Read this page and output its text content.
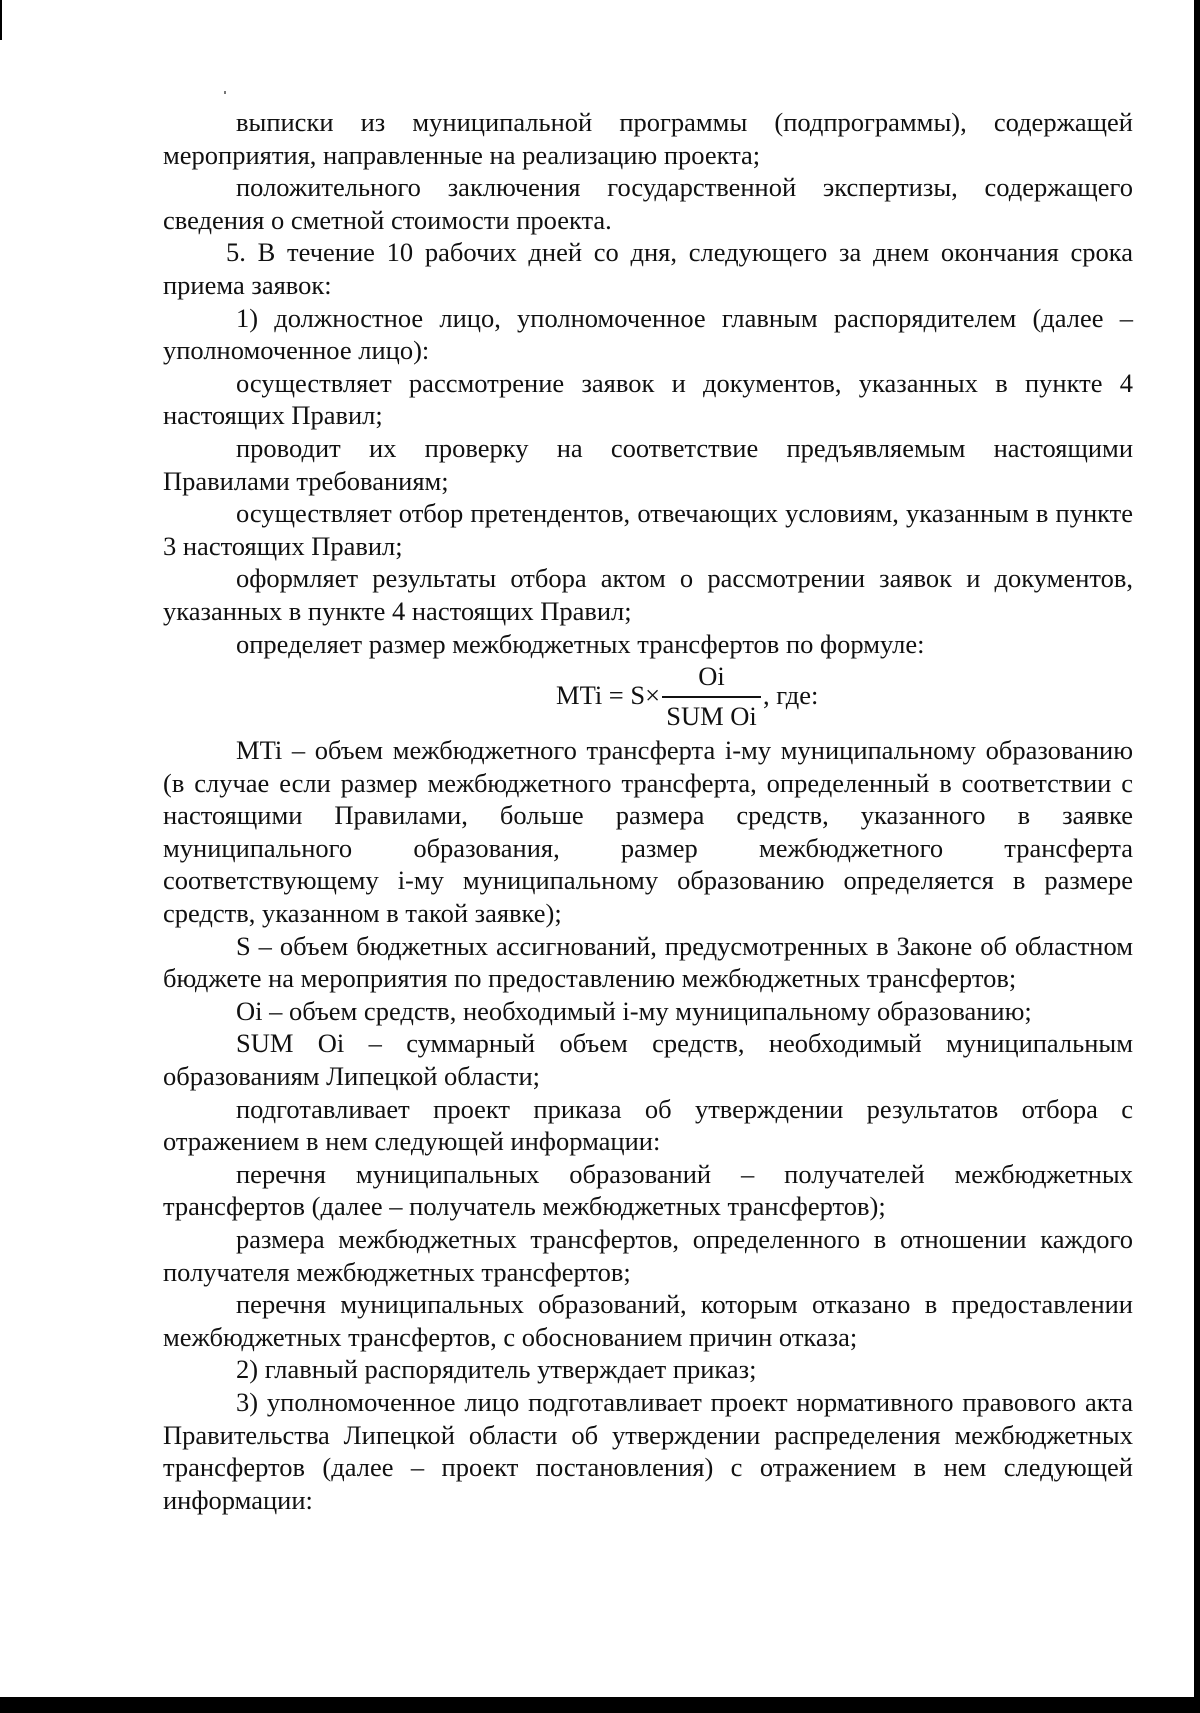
выписки из муниципальной программы (подпрограммы), содержащей мероприятия, направленные на реализацию проекта;

положительного заключения государственной экспертизы, содержащего сведения о сметной стоимости проекта.

5. В течение 10 рабочих дней со дня, следующего за днем окончания срока приема заявок:

1) должностное лицо, уполномоченное главным распорядителем (далее – уполномоченное лицо):

осуществляет рассмотрение заявок и документов, указанных в пункте 4 настоящих Правил;

проводит их проверку на соответствие предъявляемым настоящими Правилами требованиям;

осуществляет отбор претендентов, отвечающих условиям, указанным в пункте 3 настоящих Правил;

оформляет результаты отбора актом о рассмотрении заявок и документов, указанных в пункте 4 настоящих Правил;

определяет размер межбюджетных трансфертов по формуле:

MTi = S×
Oi
SUM Oi
, где:

MTi – объем межбюджетного трансферта i-му муниципальному образованию (в случае если размер межбюджетного трансферта, определенный в соответствии с настоящими Правилами, больше размера средств, указанного в заявке муниципального образования, размер межбюджетного трансферта соответствующему i-му муниципальному образованию определяется в размере средств, указанном в такой заявке);

S – объем бюджетных ассигнований, предусмотренных в Законе об областном бюджете на мероприятия по предоставлению межбюджетных трансфертов;

Oi – объем средств, необходимый i-му муниципальному образованию;

SUM Oi – суммарный объем средств, необходимый муниципальным образованиям Липецкой области;

подготавливает проект приказа об утверждении результатов отбора с отражением в нем следующей информации:

перечня муниципальных образований – получателей межбюджетных трансфертов (далее – получатель межбюджетных трансфертов);

размера межбюджетных трансфертов, определенного в отношении каждого получателя межбюджетных трансфертов;

перечня муниципальных образований, которым отказано в предоставлении межбюджетных трансфертов, с обоснованием причин отказа;

2) главный распорядитель утверждает приказ;

3) уполномоченное лицо подготавливает проект нормативного правового акта Правительства Липецкой области об утверждении распределения межбюджетных трансфертов (далее – проект постановления) с отражением в нем следующей информации:
